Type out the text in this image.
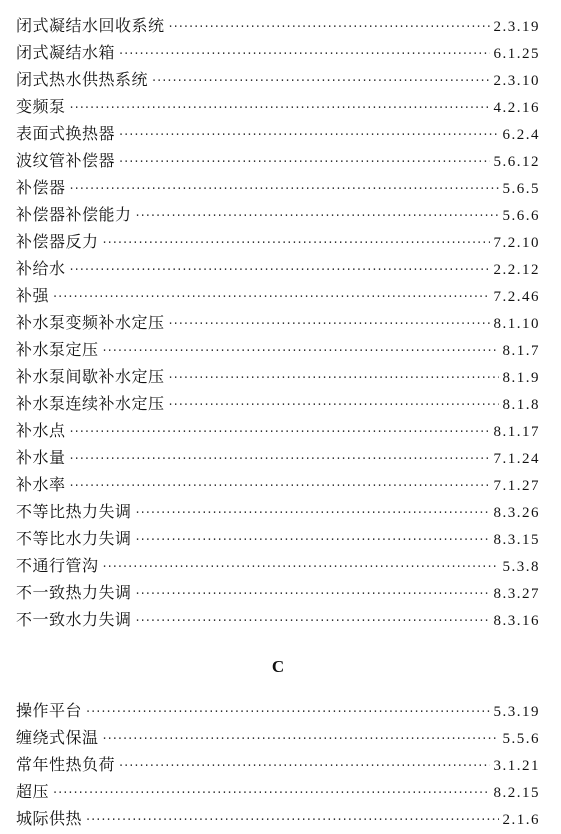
闭式凝结水回收系统 ·····	2.3.19
闭式凝结水箱 ·····	6.1.25
闭式热水供热系统 ·····	2.3.10
变频泵 ·····	4.2.16
表面式换热器 ·····	6.2.4
波纹管补偿器 ·····	5.6.12
补偿器 ·····	5.6.5
补偿器补偿能力 ·····	5.6.6
补偿器反力 ·····	7.2.10
补给水 ·····	2.2.12
补强 ·····	7.2.46
补水泵变频补水定压 ·····	8.1.10
补水泵定压 ·····	8.1.7
补水泵间歇补水定压 ·····	8.1.9
补水泵连续补水定压 ·····	8.1.8
补水点 ·····	8.1.17
补水量 ·····	7.1.24
补水率 ·····	7.1.27
不等比热力失调 ·····	8.3.26
不等比水力失调 ·····	8.3.15
不通行管沟 ·····	5.3.8
不一致热力失调 ·····	8.3.27
不一致水力失调 ·····	8.3.16
C
操作平台 ·····	5.3.19
缠绕式保温 ·····	5.5.6
常年性热负荷 ·····	3.1.21
超压 ·····	8.2.15
城际供热 ·····	2.1.6
